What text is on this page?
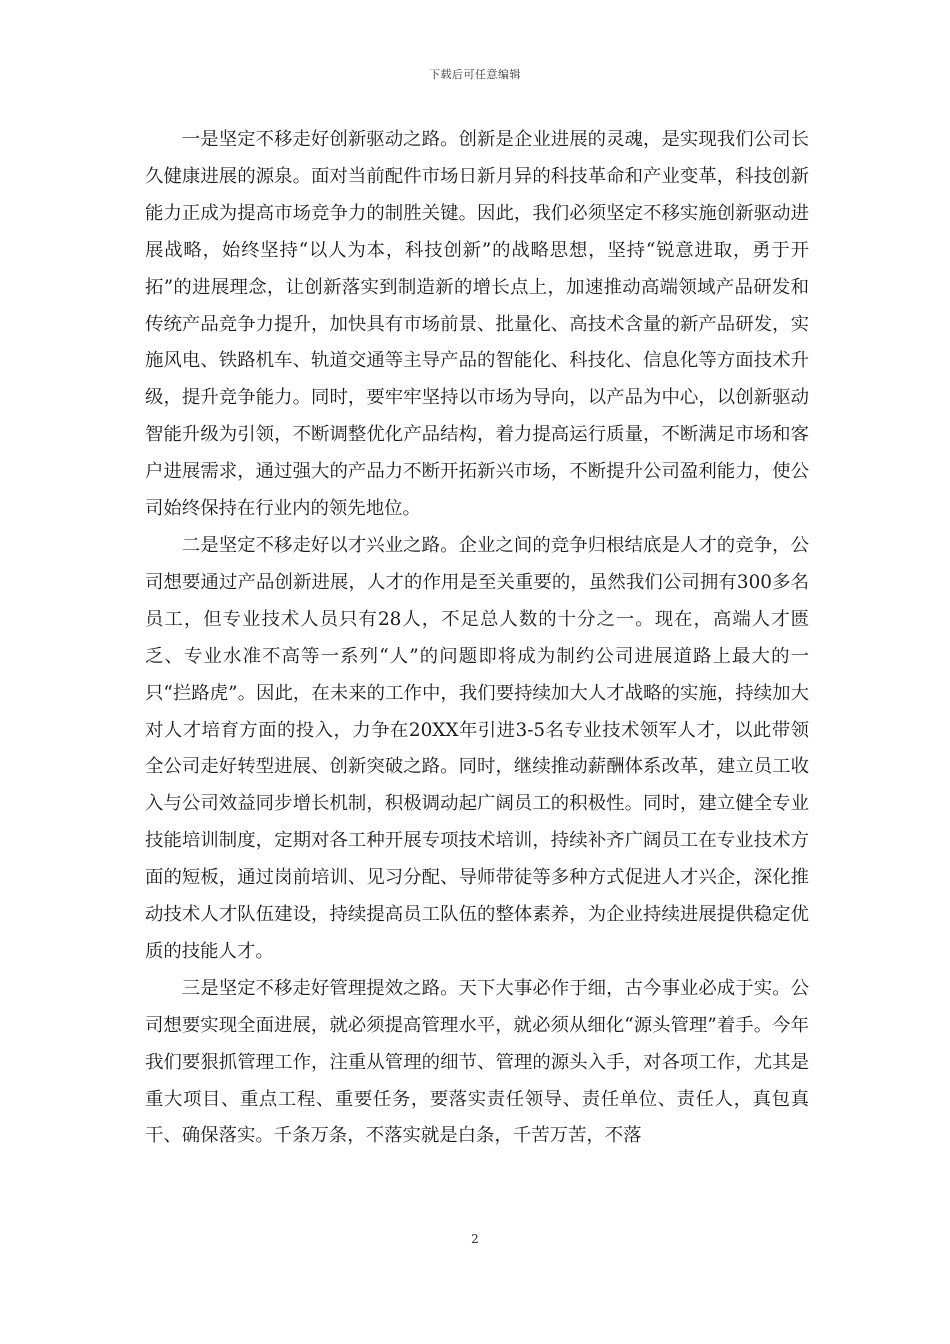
下载后可任意编辑

一是坚定不移走好创新驱动之路。创新是企业进展的灵魂，是实现我们公司长久健康进展的源泉。面对当前配件市场日新月异的科技革命和产业变革，科技创新能力正成为提高市场竞争力的制胜关键。因此，我们必须坚定不移实施创新驱动进展战略，始终坚持“以人为本，科技创新”的战略思想，坚持“锐意进取，勇于开拓”的进展理念，让创新落实到制造新的增长点上，加速推动高端领域产品研发和传统产品竞争力提升，加快具有市场前景、批量化、高技术含量的新产品研发，实施风电、铁路机车、轨道交通等主导产品的智能化、科技化、信息化等方面技术升级，提升竞争能力。同时，要牢牢坚持以市场为导向，以产品为中心，以创新驱动智能升级为引领，不断调整优化产品结构，着力提高运行质量，不断满足市场和客户进展需求，通过强大的产品力不断开拓新兴市场，不断提升公司盈利能力，使公司始终保持在行业内的领先地位。

二是坚定不移走好以才兴业之路。企业之间的竞争归根结底是人才的竞争，公司想要通过产品创新进展，人才的作用是至关重要的，虽然我们公司拥有300多名员工，但专业技术人员只有28人，不足总人数的十分之一。现在，高端人才匮乏、专业水准不高等一系列“人”的问题即将成为制约公司进展道路上最大的一只“拦路虎”。因此，在未来的工作中，我们要持续加大人才战略的实施，持续加大对人才培育方面的投入，力争在20XX年引进3-5名专业技术领军人才，以此带领全公司走好转型进展、创新突破之路。同时，继续推动薪酬体系改革，建立员工收入与公司效益同步增长机制，积极调动起广阔员工的积极性。同时，建立健全专业技能培训制度，定期对各工种开展专项技术培训，持续补齐广阔员工在专业技术方面的短板，通过岗前培训、见习分配、导师带徒等多种方式促进人才兴企，深化推动技术人才队伍建设，持续提高员工队伍的整体素养，为企业持续进展提供稳定优质的技能人才。

三是坚定不移走好管理提效之路。天下大事必作于细，古今事业必成于实。公司想要实现全面进展，就必须提高管理水平，就必须从细化“源头管理”着手。今年我们要狠抓管理工作，注重从管理的细节、管理的源头入手，对各项工作，尤其是重大项目、重点工程、重要任务，要落实责任领导、责任单位、责任人，真包真干、确保落实。千条万条，不落实就是白条，千苦万苦，不落

2
